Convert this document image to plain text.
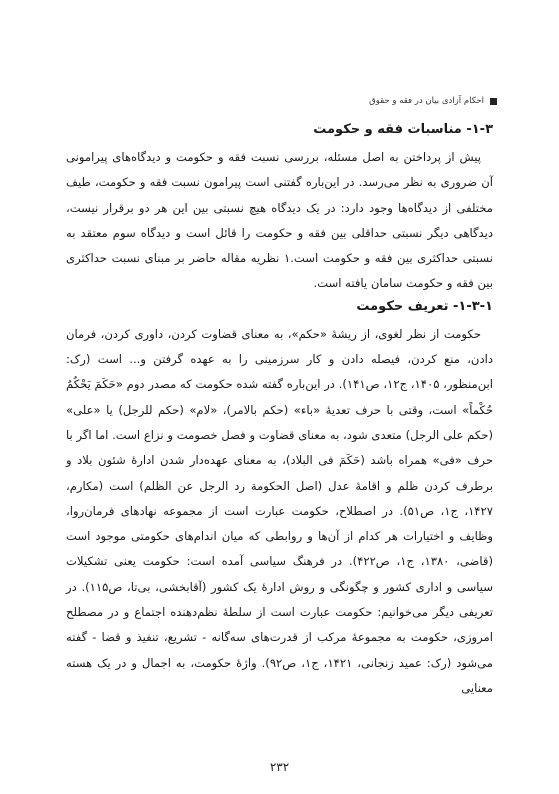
احکام آزادی بیان در فقه و حقوق
۱-۳- مناسبات فقه و حکومت

پیش از پرداختن به اصل مسئله، بررسی نسبت فقه و حکومت و دیدگاه‌های پیرامونی آن ضروری به نظر می‌رسد. در این‌باره گفتنی است پیرامون نسبت فقه و حکومت، طیف مختلفی از دیدگاه‌ها وجود دارد: در یک دیدگاه هیچ نسبتی بین این هر دو برقرار نیست، دیدگاهی دیگر نسبتی حداقلی بین فقه و حکومت را قائل است و دیدگاه سوم معتقد به نسبتی حداکثری بین فقه و حکومت است.۱ نظریه مقاله حاضر بر مبنای نسبت حداکثری بین فقه و حکومت سامان یافته است.

۱-۳-۱- تعریف حکومت

حکومت از نظر لغوی، از ریشهٔ «حکم»، به معنای قضاوت کردن، داوری کردن، فرمان دادن، منع کردن، فیصله دادن و کار سرزمینی را به عهده گرفتن و... است (رک: ابن‌منظور، ۱۴۰۵، ج۱۲، ص۱۴۱). در این‌باره گفته شده حکومت که مصدر دوم «حَکَمَ یَحْکُمُ حُکْماً» است، وقتی با حرف تعدیهٔ «باء» (حکم بالامر)، «لام» (حکم للرجل) یا «علی» (حکم علی الرجل) متعدی شود، به معنای قضاوت و فصل خصومت و نزاع است. اما اگر با حرف «فی» همراه باشد (حَکَمَ فی البلاد)، به معنای عهده‌دار شدن ادارهٔ شئون بلاد و برطرف کردن ظلم و اقامهٔ عدل (اصل الحکومة رد الرجل عن الظلم) است (مکارم، ۱۴۲۷، ج۱، ص۵۱). در اصطلاح، حکومت عبارت است از مجموعه نهادهای فرمان‌روا، وظایف و اختیارات هر کدام از آن‌ها و روابطی که میان اندام‌های حکومتی موجود است (قاضی، ۱۳۸۰، ج۱، ص۴۲۲). در فرهنگ سیاسی آمده است: حکومت یعنی تشکیلات سیاسی و اداری کشور و چگونگی و روش ادارهٔ یک کشور (آقابخشی، بی‌تا، ص۱۱۵). در تعریفی دیگر می‌خوانیم: حکومت عبارت است از سلطهٔ نظم‌دهنده اجتماع و در مصطلح امروزی، حکومت به مجموعهٔ مرکب از قدرت‌های سه‌گانه - تشریع، تنفیذ و قضا - گفته می‌شود (رک: عمید زنجانی، ۱۴۲۱، ج۱، ص۹۲). واژهٔ حکومت، به اجمال و در یک هسته معنایی

۲۳۲
